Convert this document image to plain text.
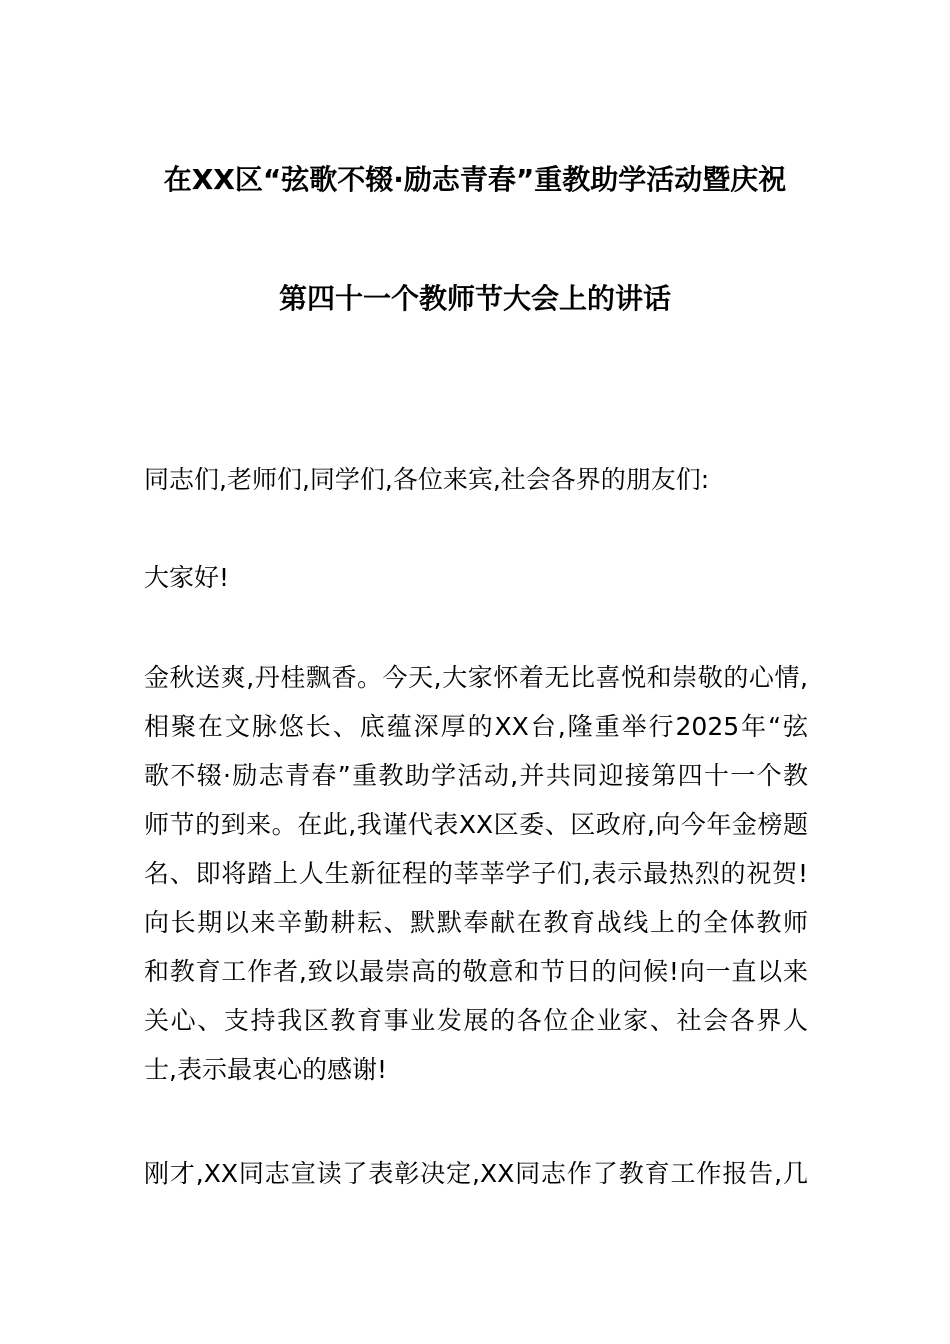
在XX区“弦歌不辍·励志青春”重教助学活动暨庆祝
第四十一个教师节大会上的讲话
同志们,老师们,同学们,各位来宾,社会各界的朋友们:
大家好!
金秋送爽,丹桂飘香。今天,大家怀着无比喜悦和崇敬的心情,
相聚在文脉悠长、底蕴深厚的XX台,隆重举行2025年“弦
歌不辍·励志青春”重教助学活动,并共同迎接第四十一个教
师节的到来。在此,我谨代表XX区委、区政府,向今年金榜题
名、即将踏上人生新征程的莘莘学子们,表示最热烈的祝贺!
向长期以来辛勤耕耘、默默奉献在教育战线上的全体教师
和教育工作者,致以最崇高的敬意和节日的问候!向一直以来
关心、支持我区教育事业发展的各位企业家、社会各界人
士,表示最衷心的感谢!
刚才,XX同志宣读了表彰决定,XX同志作了教育工作报告,几
